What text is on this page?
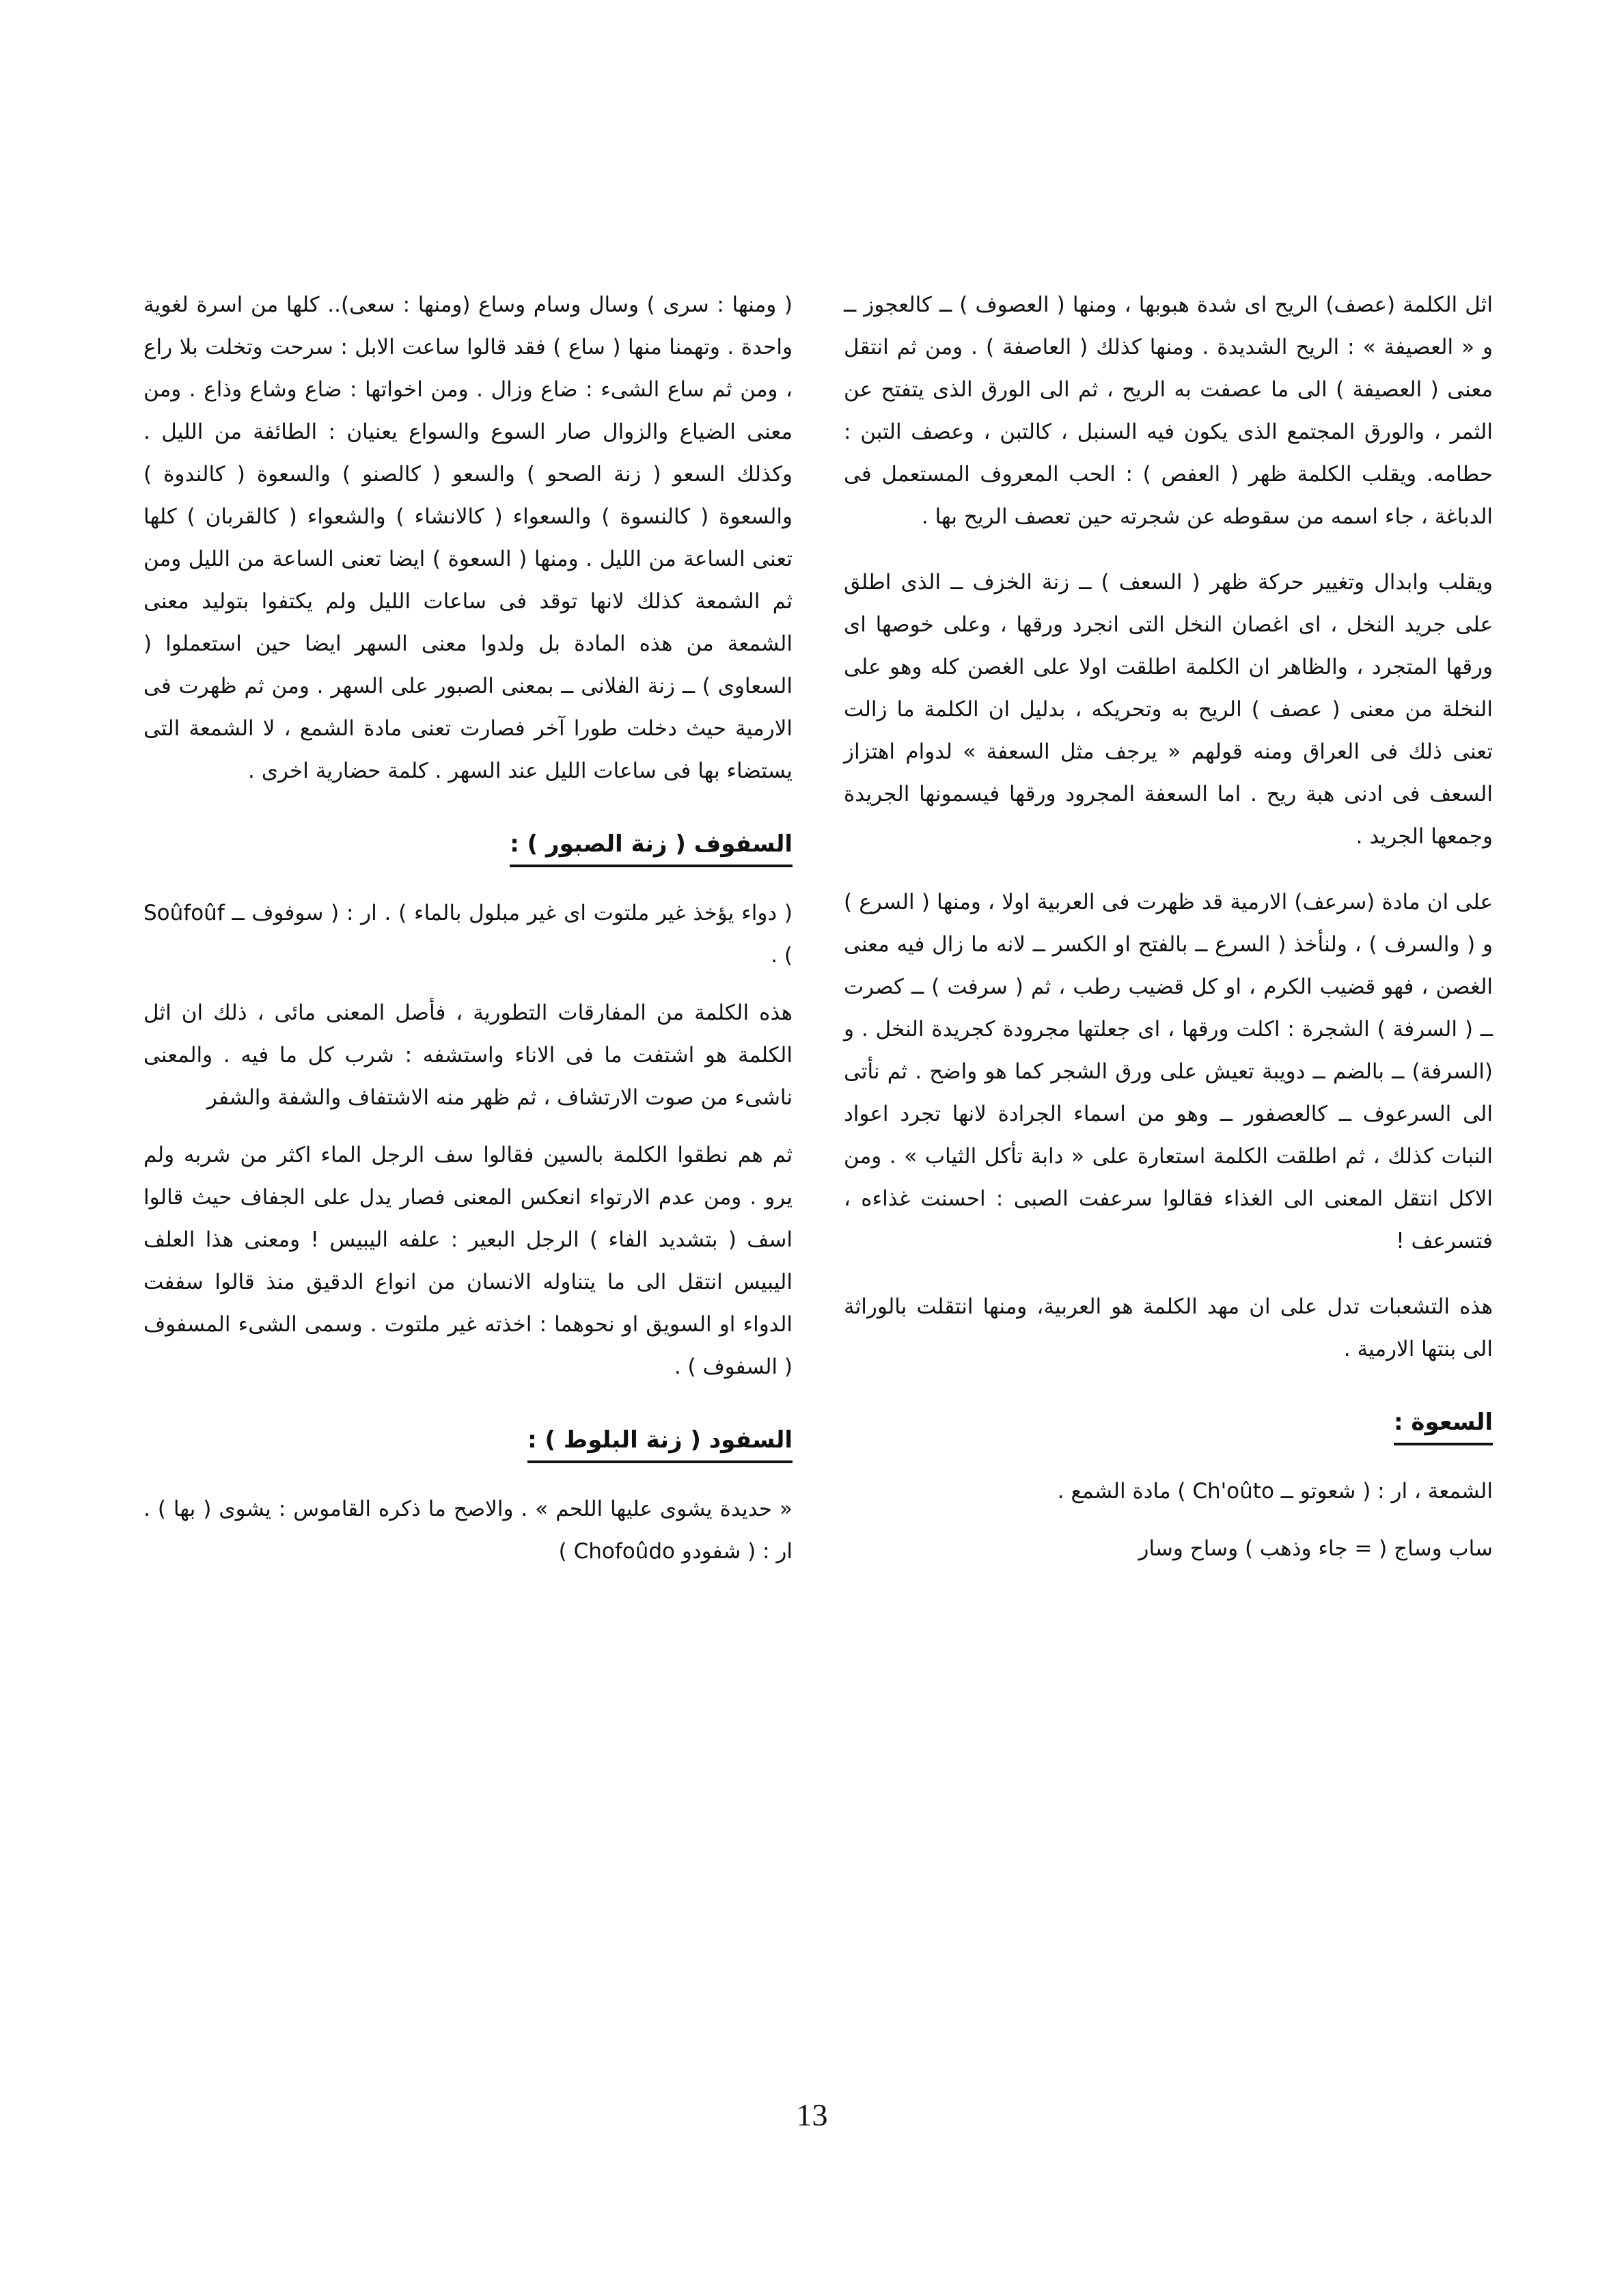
اثل الكلمة (عصف) الريح اى شدة هبوبها ، ومنها ( العصوف ) ــ كالعجوز ــ و « العصيفة » : الريح الشديدة . ومنها كذلك ( العاصفة ) . ومن ثم انتقل معنى ( العصيفة ) الى ما عصفت به الريح ، ثم الى الورق الذى يتفتح عن الثمر ، والورق المجتمع الذى يكون فيه السنبل ، كالتبن ، وعصف التبن : حطامه. ويقلب الكلمة ظهر ( العفص ) : الحب المعروف المستعمل فى الدباغة ، جاء اسمه من سقوطه عن شجرته حين تعصف الريح بها .

ويقلب وابدال وتغيير حركة ظهر ( السعف ) ــ زنة الخزف ــ الذى اطلق على جريد النخل ، اى اغصان النخل التى انجرد ورقها ، وعلى خوصها اى ورقها المتجرد ، والظاهر ان الكلمة اطلقت اولا على الغصن كله وهو على النخلة من معنى ( عصف ) الريح به وتحريكه ، بدليل ان الكلمة ما زالت تعنى ذلك فى العراق ومنه قولهم « يرجف مثل السعفة » لدوام اهتزاز السعف فى ادنى هبة ريح . اما السعفة المجرود ورقها فيسمونها الجريدة وجمعها الجريد .

على ان مادة (سرعف) الارمية قد ظهرت فى العربية اولا ، ومنها ( السرع ) و ( والسرف ) ، ولنأخذ ( السرع ــ بالفتح او الكسر ــ لانه ما زال فيه معنى الغصن ، فهو قضيب الكرم ، او كل قضيب رطب ، ثم ( سرفت ) ــ كصرت ــ ( السرفة ) الشجرة : اكلت ورقها ، اى جعلتها مجرودة كجريدة النخل . و (السرفة) ــ بالضم ــ دويبة تعيش على ورق الشجر كما هو واضح . ثم نأتى الى السرعوف ــ كالعصفور ــ وهو من اسماء الجرادة لانها تجرد اعواد النبات كذلك ، ثم اطلقت الكلمة استعارة على « دابة تأكل الثياب » . ومن الاكل انتقل المعنى الى الغذاء فقالوا سرعفت الصبى : احسنت غذاءه ، فتسرعف !

هذه التشعبات تدل على ان مهد الكلمة هو العربية، ومنها انتقلت بالوراثة الى بنتها الارمية .

السعوة :

الشمعة ، ار : ( شعوتو ــ Ch'oûto ) مادة الشمع .

ساب وساج ( = جاء وذهب ) وساح وسار

( ومنها : سرى ) وسال وسام وساع (ومنها : سعى).. كلها من اسرة لغوية واحدة . وتهمنا منها ( ساع ) فقد قالوا ساعت الابل : سرحت وتخلت بلا راع ، ومن ثم ساع الشىء : ضاع وزال . ومن اخواتها : ضاع وشاع وذاع . ومن معنى الضياع والزوال صار السوع والسواع يعنيان : الطائفة من الليل . وكذلك السعو ( زنة الصحو ) والسعو ( كالصنو ) والسعوة ( كالندوة ) والسعوة ( كالنسوة ) والسعواء ( كالانشاء ) والشعواء ( كالقربان ) كلها تعنى الساعة من الليل . ومنها ( السعوة ) ايضا تعنى الساعة من الليل ومن ثم الشمعة كذلك لانها توقد فى ساعات الليل ولم يكتفوا بتوليد معنى الشمعة من هذه المادة بل ولدوا معنى السهر ايضا حين استعملوا ( السعاوى ) ــ زنة الفلانى ــ بمعنى الصبور على السهر . ومن ثم ظهرت فى الارمية حيث دخلت طورا آخر فصارت تعنى مادة الشمع ، لا الشمعة التى يستضاء بها فى ساعات الليل عند السهر . كلمة حضارية اخرى .

السفوف ( زنة الصبور ) :

( دواء يؤخذ غير ملتوت اى غير مبلول بالماء ) . ار : ( سوفوف ــ Soûfoûf ) .

هذه الكلمة من المفارقات التطورية ، فأصل المعنى مائى ، ذلك ان اثل الكلمة هو اشتفت ما فى الاناء واستشفه : شرب كل ما فيه . والمعنى ناشىء من صوت الارتشاف ، ثم ظهر منه الاشتفاف والشفة والشفر

ثم هم نطقوا الكلمة بالسين فقالوا سف الرجل الماء اكثر من شربه ولم يرو . ومن عدم الارتواء انعكس المعنى فصار يدل على الجفاف حيث قالوا اسف ( بتشديد الفاء ) الرجل البعير : علفه اليبيس ! ومعنى هذا العلف اليبيس انتقل الى ما يتناوله الانسان من انواع الدقيق منذ قالوا سففت الدواء او السويق او نحوهما : اخذته غير ملتوت . وسمى الشىء المسفوف ( السفوف ) .

السفود ( زنة البلوط ) :

« حديدة يشوى عليها اللحم » . والاصح ما ذكره القاموس : يشوى ( بها ) . ار : ( شفودو Chofoûdo )

13
